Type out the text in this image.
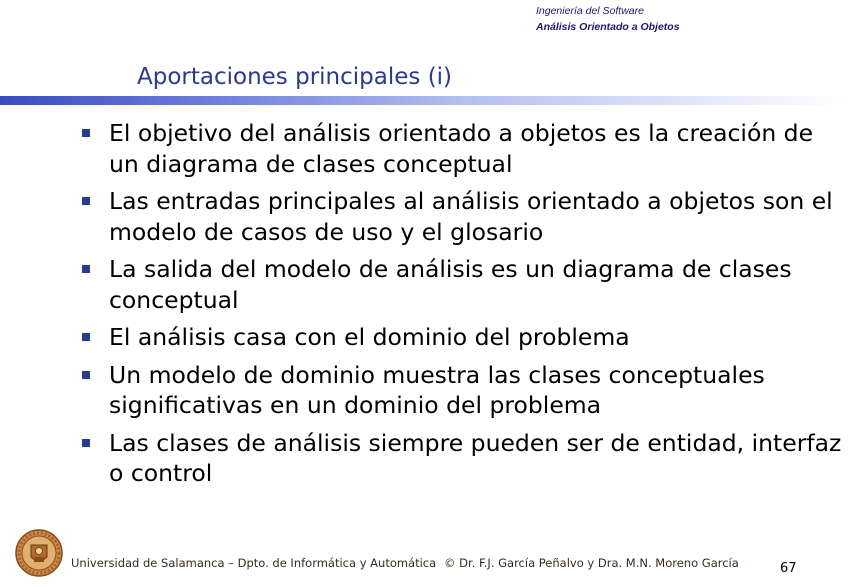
Ingeniería del Software
Análisis Orientado a Objetos
Aportaciones principales (i)
El objetivo del análisis orientado a objetos es la creación de un diagrama de clases conceptual
Las entradas principales al análisis orientado a objetos son el modelo de casos de uso y el glosario
La salida del modelo de análisis es un diagrama de clases conceptual
El análisis casa con el dominio del problema
Un modelo de dominio muestra las clases conceptuales significativas en un dominio del problema
Las clases de análisis siempre pueden ser de entidad, interfaz o control
Universidad de Salamanca – Dpto. de Informática y Automática © Dr. F.J. García Peñalvo y Dra. M.N. Moreno García	67
